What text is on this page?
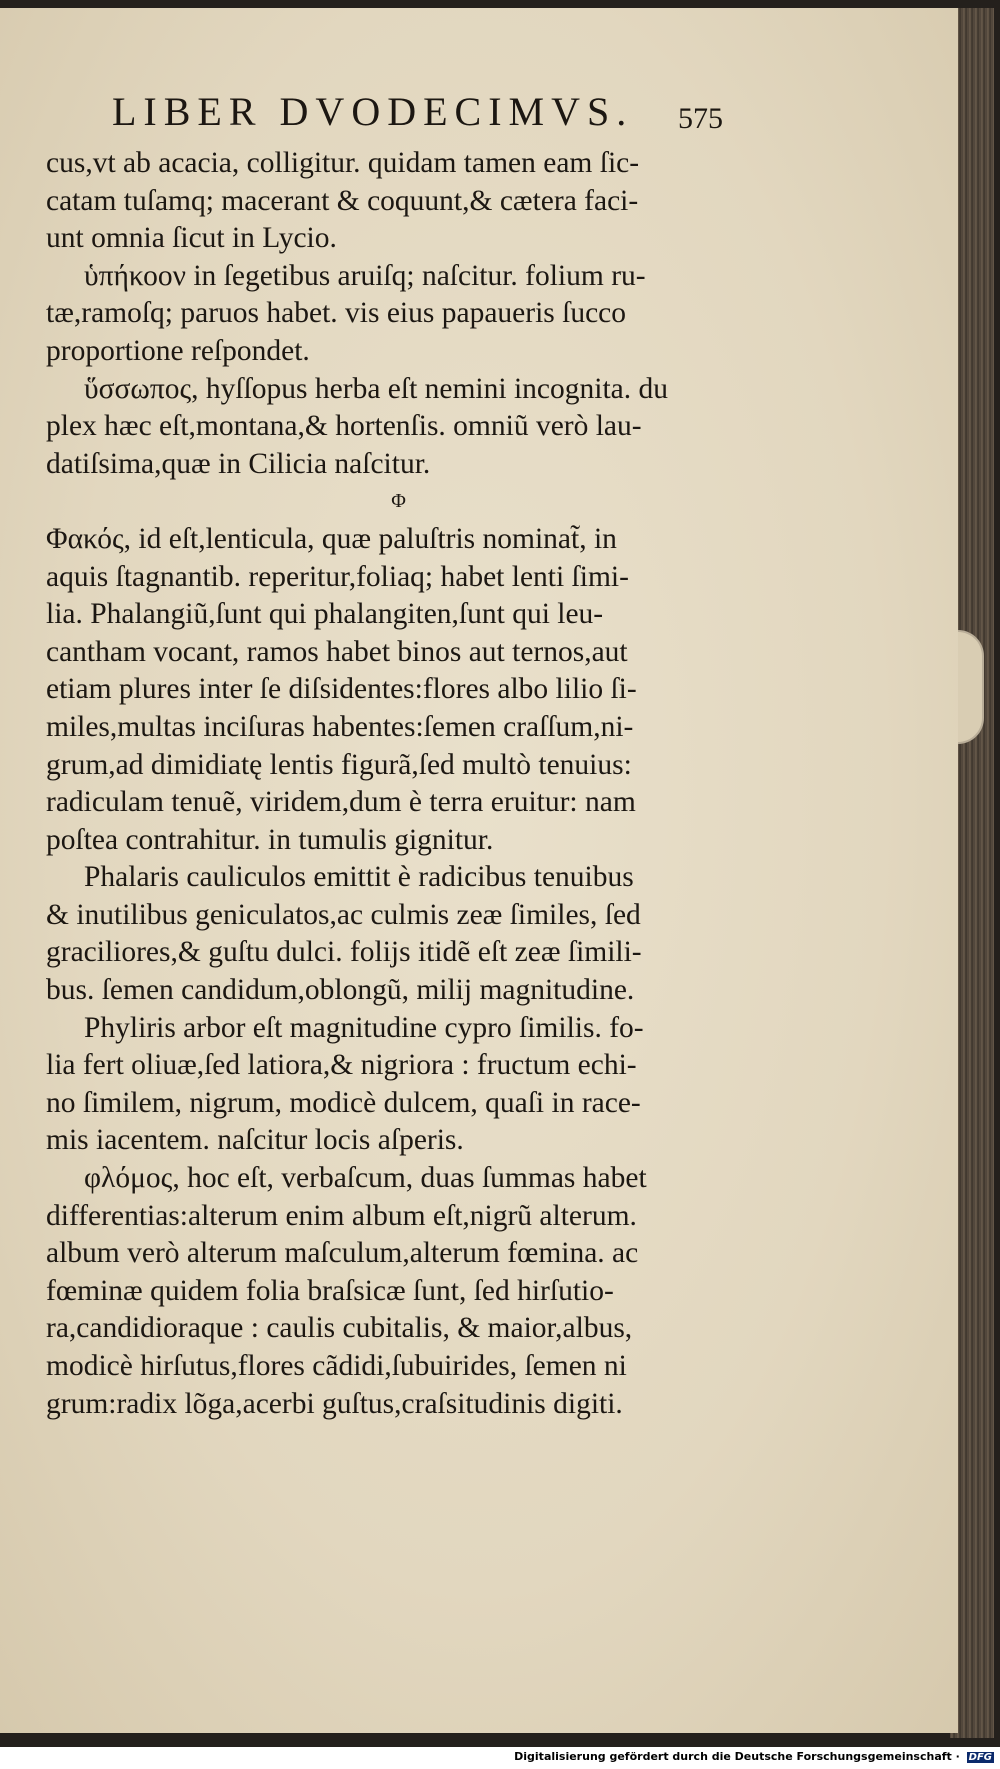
LIBER DVODECIMVS. 575
cus,vt ab acacia, colligitur. quidam tamen eam ſic-
catam tuſamq; macerant & coquunt,& cætera faci-
unt omnia ſicut in Lycio.
ὑπήκοον in ſegetibus aruiſq; naſcitur. folium ru-
tæ,ramoſq; paruos habet. vis eius papaueris ſucco
proportione reſpondet.
ὕσσωπος, hyſſopus herba eſt nemini incognita. du
plex hæc eſt,montana,& hortenſis. omniũ verò lau-
datiſsima,quæ in Cilicia naſcitur.
Φ
Φακός, id eſt,lenticula, quæ paluſtris nominat̃, in
aquis ſtagnantib. reperitur,foliaq; habet lenti ſimi-
lia. Phalangiũ,ſunt qui phalangiten,ſunt qui leu-
cantham vocant, ramos habet binos aut ternos,aut
etiam plures inter ſe diſsidentes:flores albo lilio ſi-
miles,multas inciſuras habentes:ſemen craſſum,ni-
grum,ad dimidiatę lentis figurã,ſed multò tenuius:
radiculam tenuẽ, viridem,dum è terra eruitur: nam
poſtea contrahitur. in tumulis gignitur.
Phalaris cauliculos emittit è radicibus tenuibus
& inutilibus geniculatos,ac culmis zeæ ſimiles, ſed
graciliores,& guſtu dulci. folijs itidẽ eſt zeæ ſimili-
bus. ſemen candidum,oblongũ, milij magnitudine.
Phyliris arbor eſt magnitudine cypro ſimilis. fo-
lia fert oliuæ,ſed latiora,& nigriora : fructum echi-
no ſimilem, nigrum, modicè dulcem, quaſi in race-
mis iacentem. naſcitur locis aſperis.
φλόμος, hoc eſt, verbaſcum, duas ſummas habet
differentias:alterum enim album eſt,nigrũ alterum.
album verò alterum maſculum,alterum fœmina. ac
fœminæ quidem folia braſsicæ ſunt, ſed hirſutio-
ra,candidioraque : caulis cubitalis, & maior,albus,
modicè hirſutus,flores cãdidi,ſubuirides, ſemen ni
grum:radix lõga,acerbi guſtus,craſsitudinis digiti.
Digitalisierung gefördert durch die Deutsche Forschungsgemeinschaft · DFG
